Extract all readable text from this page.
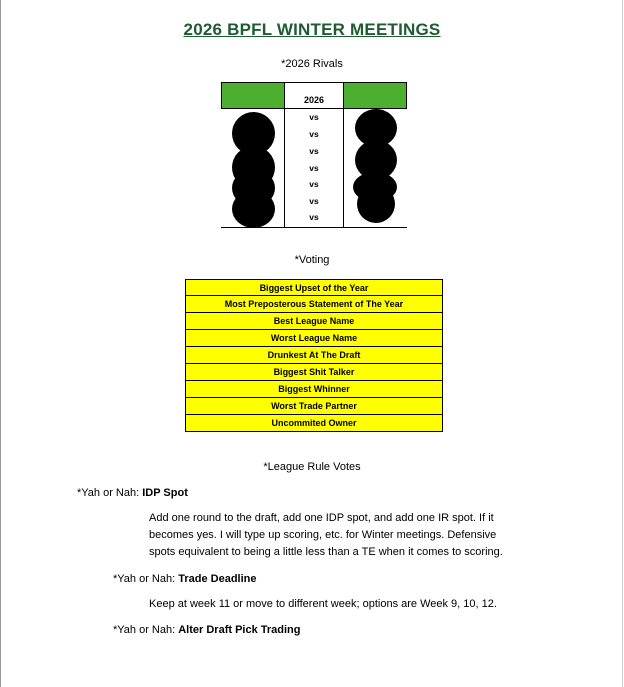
2026 BPFL WINTER MEETINGS
*2026 Rivals
2026
vs
vs
vs
vs
vs
vs
vs
*Voting
Biggest Upset of the Year
Most Preposterous Statement of The Year
Best League Name
Worst League Name
Drunkest At The Draft
Biggest Shit Talker
Biggest Whinner
Worst Trade Partner
Uncommited Owner
*League Rule Votes
*Yah or Nah: IDP Spot
Add one round to the draft, add one IDP spot, and add one IR spot. If it
becomes yes. I will type up scoring, etc. for Winter meetings. Defensive
spots equivalent to being a little less than a TE when it comes to scoring.
*Yah or Nah: Trade Deadline
Keep at week 11 or move to different week; options are Week 9, 10, 12.
*Yah or Nah: Alter Draft Pick Trading
